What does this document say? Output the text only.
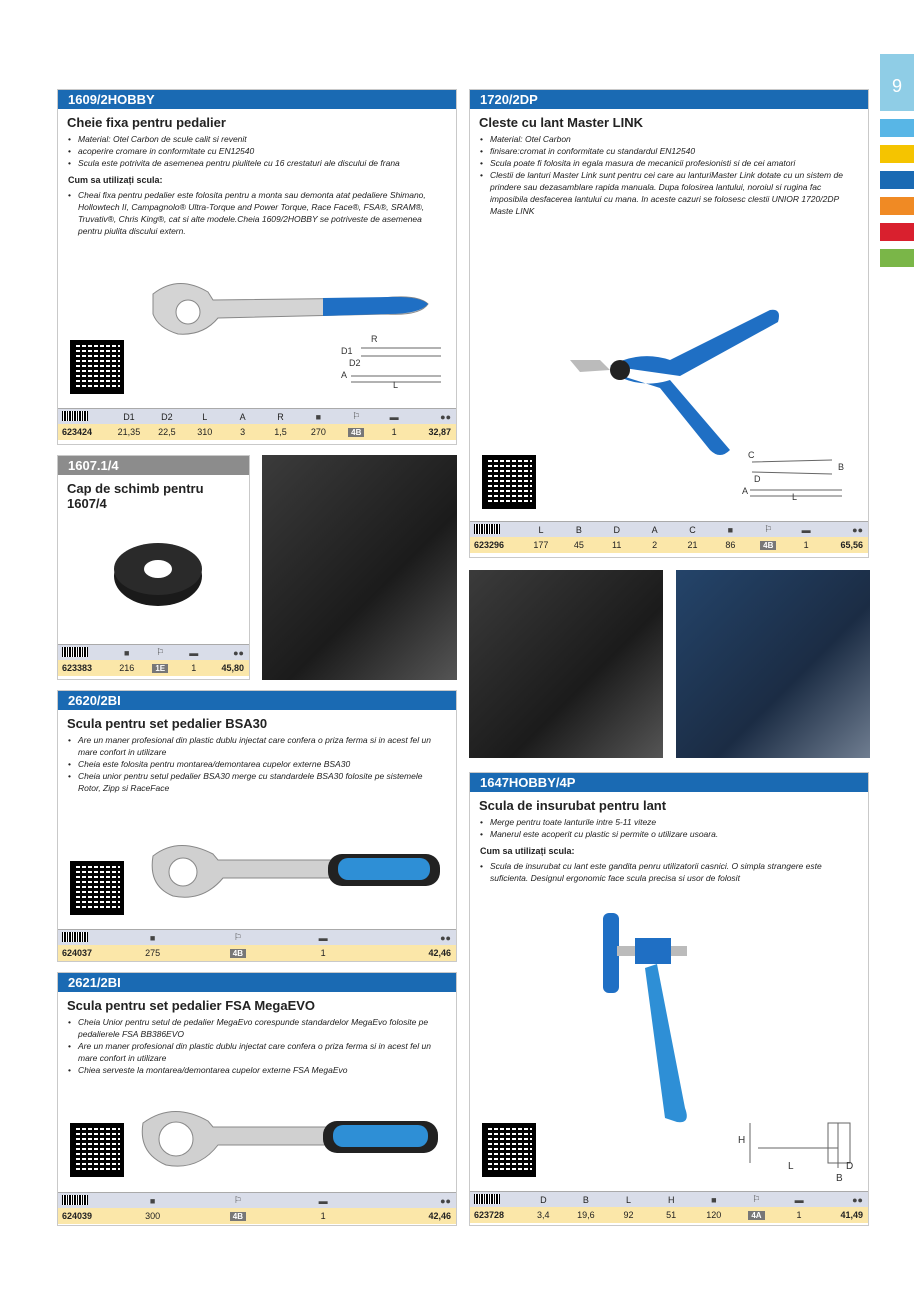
9
1609/2HOBBY
Cheie fixa pentru pedalier
• Material: Otel Carbon de scule calit si revenit
• acoperire cromare in conformitate cu EN12540
• Scula este potrivita de asemenea pentru piulitele cu 16 crestaturi ale discului de frana
Cum sa utilizați scula:
• Cheai fixa pentru pedalier este folosita pentru a monta sau demonta atat pedaliere Shimano, Hollowtech II, Campagnolo® Ultra-Torque and Power Torque, Race Face®, FSA®, SRAM®, Truvativ®, Chris King®, cat si alte modele.Cheia 1609/2HOBBY se potriveste de asemenea pentru piulita discului extern.
R
D1
D2
A
L
D1	D2	L	A	R	■	⚐	▬	●●
623424	21,35	22,5	310	3	1,5	270	4B	1	32,87
1720/2DP
Cleste cu lant Master LINK
• Material: Otel Carbon
• finisare:cromat in conformitate cu standardul EN12540
• Scula poate fi folosita in egala masura de mecanicii profesionisti si de cei amatori
• Clestii de lanturi Master Link sunt pentru cei care au lanturiMaster Link dotate cu un sistem de prindere sau dezasamblare rapida manuala. Dupa folosirea lantului, noroiul si rugina fac imposibila desfacerea lantului cu mana. In aceste cazuri se folosesc clestii UNIOR 1720/2DP Maste LINK
C
B
D
A
L
L	B	D	A	C	■	⚐	▬	●●
623296	177	45	11	2	21	86	4B	1	65,56
1607.1/4
Cap de schimb pentru 1607/4
■	⚐	▬	●●
623383	216	1E	1	45,80
2620/2BI
Scula pentru set pedalier BSA30
• Are un maner profesional din plastic dublu injectat care confera o priza ferma si in acest fel un mare confort in utilizare
• Cheia este folosita pentru montarea/demontarea cupelor externe BSA30
• Cheia unior pentru setul pedalier BSA30 merge cu standardele BSA30 folosite pe sistemele Rotor, Zipp si RaceFace
■	⚐	▬	●●
624037	275	4B	1	42,46
1647HOBBY/4P
Scula de insurubat pentru lant
• Merge pentru toate lanturile intre 5-11 viteze
• Manerul este acoperit cu plastic si permite o utilizare usoara.
Cum sa utilizați scula:
• Scula de insurubat cu lant este gandita penru utilizatorii casnici. O simpla strangere este suficienta. Designul ergonomic face scula precisa si usor de folosit
H
L	D
B
D	B	L	H	■	⚐	▬	●●
623728	3,4	19,6	92	51	120	4A	1	41,49
2621/2BI
Scula pentru set pedalier FSA MegaEVO
• Cheia Unior pentru setul de pedalier MegaEvo corespunde standardelor MegaEvo folosite pe pedalierele FSA BB386EVO
• Are un maner profesional din plastic dublu injectat care confera o priza ferma si in acest fel un mare confort in utilizare
• Chiea serveste la montarea/demontarea cupelor externe FSA MegaEvo
■	⚐	▬	●●
624039	300	4B	1	42,46
